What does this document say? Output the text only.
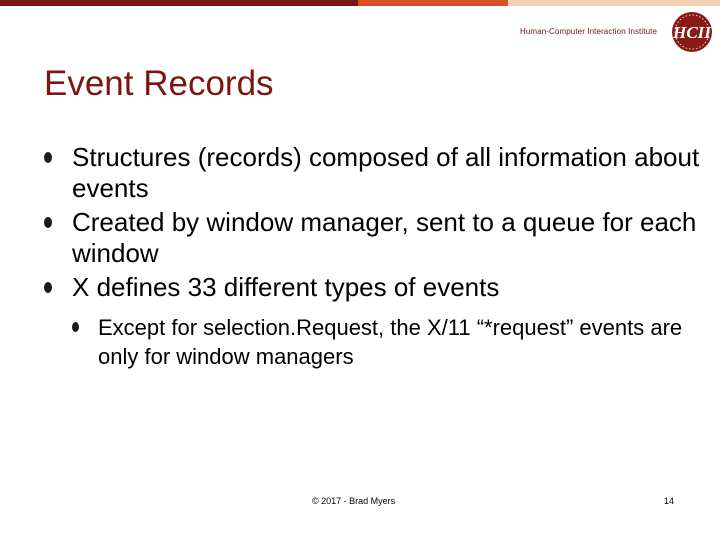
Human-Computer Interaction Institute HCII
Event Records
Structures (records) composed of all information about events
Created by window manager, sent to a queue for each window
X defines 33 different types of events
Except for selection.Request, the X/11 “*request” events are only for window managers
© 2017 - Brad Myers	14
